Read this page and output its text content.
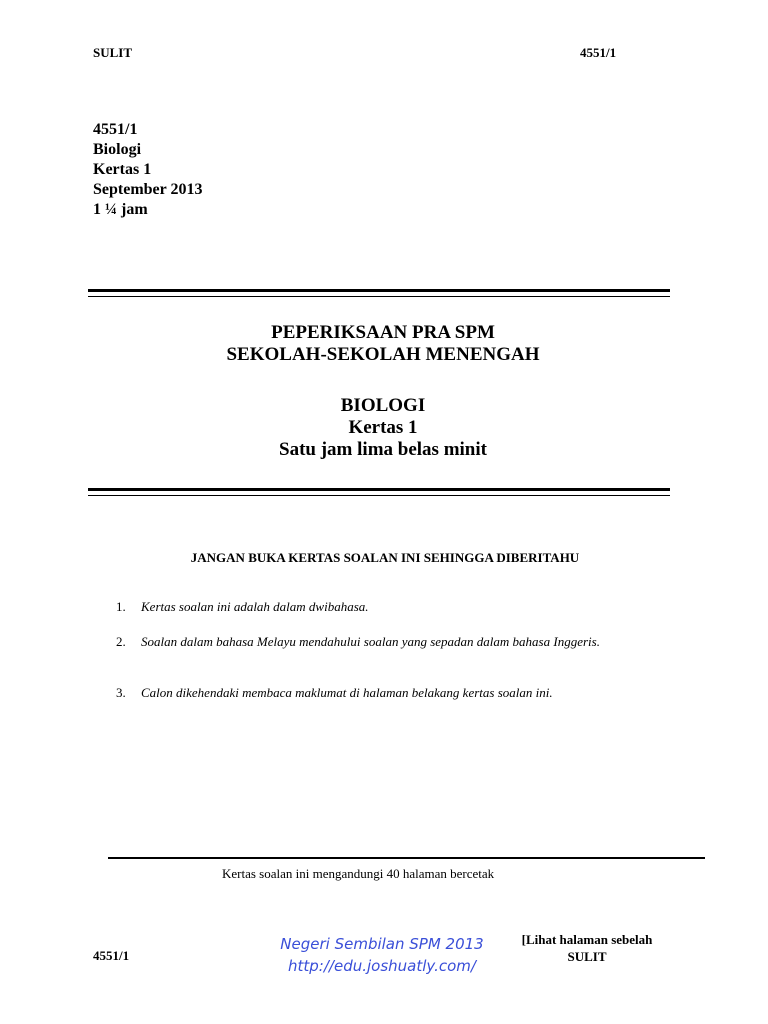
SULIT	4551/1
4551/1
Biologi
Kertas 1
September 2013
1 ¼ jam
PEPERIKSAAN PRA SPM
SEKOLAH-SEKOLAH MENENGAH
BIOLOGI
Kertas 1
Satu jam lima belas minit
JANGAN BUKA KERTAS SOALAN INI SEHINGGA DIBERITAHU
1. Kertas soalan ini adalah dalam dwibahasa.
2. Soalan dalam bahasa Melayu mendahului soalan yang sepadan dalam bahasa Inggeris.
3. Calon dikehendaki membaca maklumat di halaman belakang kertas soalan ini.
Kertas soalan ini mengandungi 40 halaman bercetak
4551/1
Negeri Sembilan SPM 2013
http://edu.joshuatly.com/
[Lihat halaman sebelah
SULIT
